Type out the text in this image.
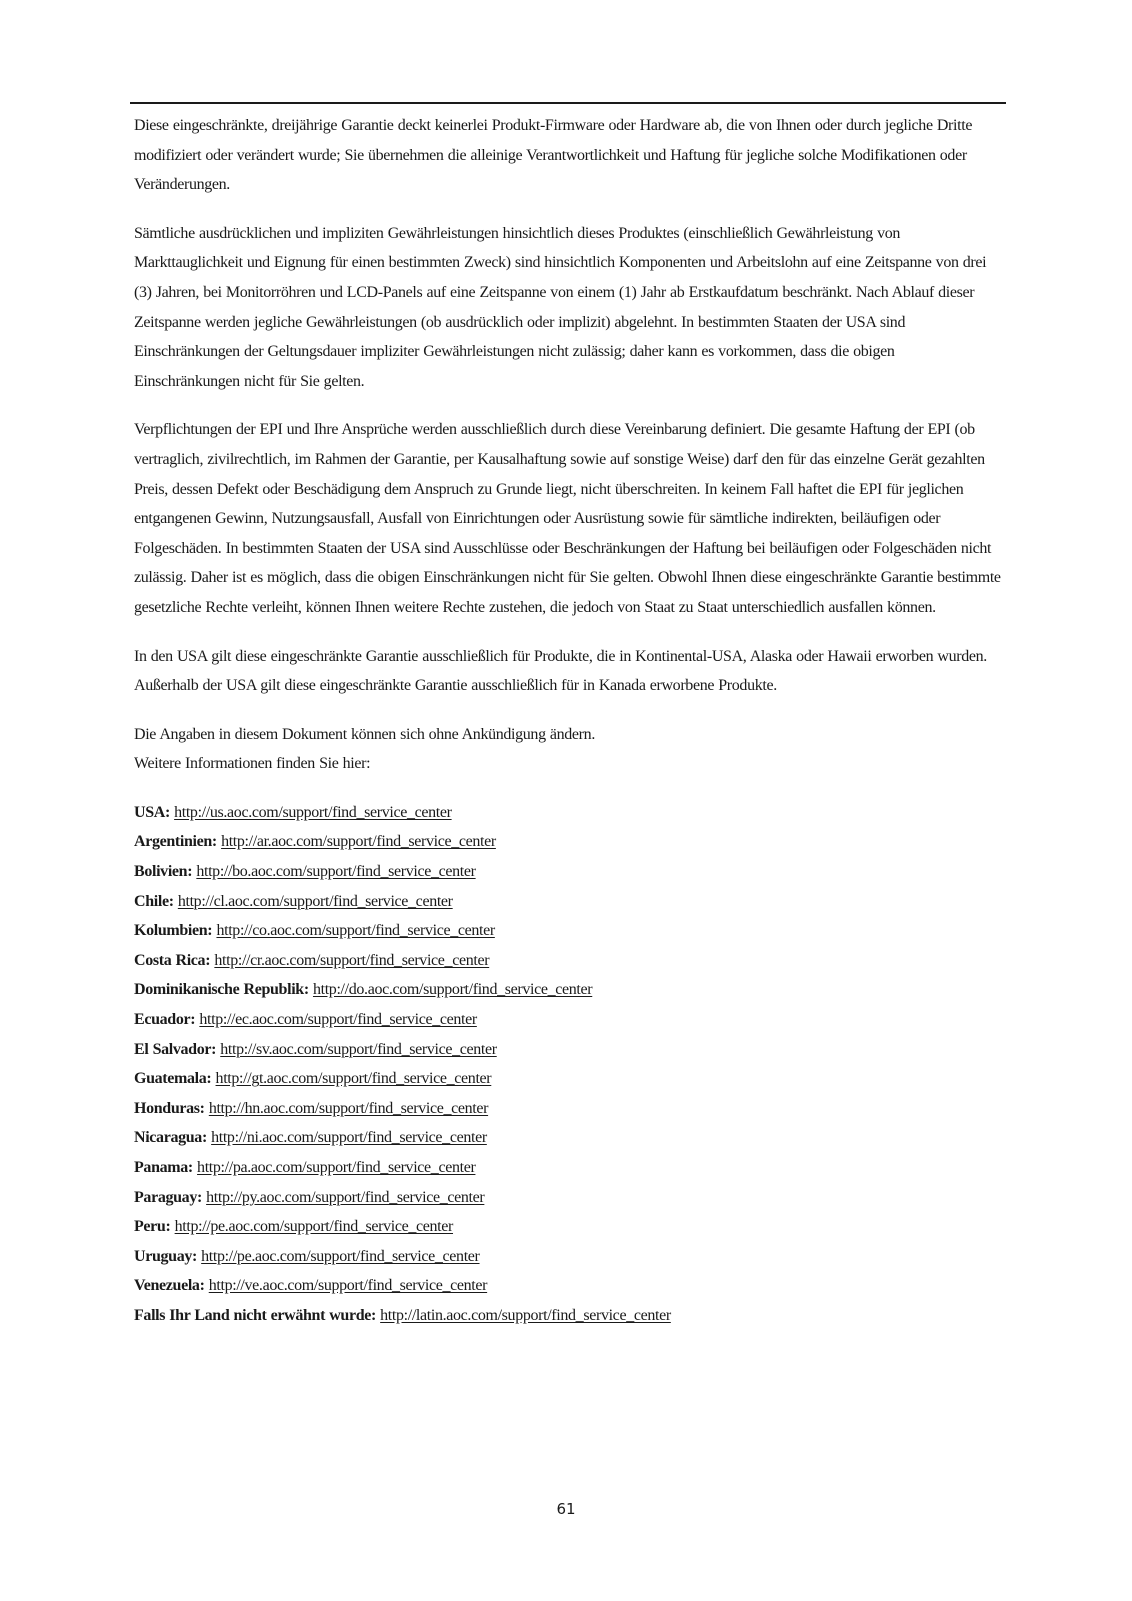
Diese eingeschränkte, dreijährige Garantie deckt keinerlei Produkt-Firmware oder Hardware ab, die von Ihnen oder durch jegliche Dritte modifiziert oder verändert wurde; Sie übernehmen die alleinige Verantwortlichkeit und Haftung für jegliche solche Modifikationen oder Veränderungen.

Sämtliche ausdrücklichen und impliziten Gewährleistungen hinsichtlich dieses Produktes (einschließlich Gewährleistung von Markttauglichkeit und Eignung für einen bestimmten Zweck) sind hinsichtlich Komponenten und Arbeitslohn auf eine Zeitspanne von drei (3) Jahren, bei Monitorröhren und LCD-Panels auf eine Zeitspanne von einem (1) Jahr ab Erstkaufdatum beschränkt. Nach Ablauf dieser Zeitspanne werden jegliche Gewährleistungen (ob ausdrücklich oder implizit) abgelehnt. In bestimmten Staaten der USA sind Einschränkungen der Geltungsdauer impliziter Gewährleistungen nicht zulässig; daher kann es vorkommen, dass die obigen Einschränkungen nicht für Sie gelten.

Verpflichtungen der EPI und Ihre Ansprüche werden ausschließlich durch diese Vereinbarung definiert. Die gesamte Haftung der EPI (ob vertraglich, zivilrechtlich, im Rahmen der Garantie, per Kausalhaftung sowie auf sonstige Weise) darf den für das einzelne Gerät gezahlten Preis, dessen Defekt oder Beschädigung dem Anspruch zu Grunde liegt, nicht überschreiten. In keinem Fall haftet die EPI für jeglichen entgangenen Gewinn, Nutzungsausfall, Ausfall von Einrichtungen oder Ausrüstung sowie für sämtliche indirekten, beiläufigen oder Folgeschäden. In bestimmten Staaten der USA sind Ausschlüsse oder Beschränkungen der Haftung bei beiläufigen oder Folgeschäden nicht zulässig. Daher ist es möglich, dass die obigen Einschränkungen nicht für Sie gelten. Obwohl Ihnen diese eingeschränkte Garantie bestimmte gesetzliche Rechte verleiht, können Ihnen weitere Rechte zustehen, die jedoch von Staat zu Staat unterschiedlich ausfallen können.

In den USA gilt diese eingeschränkte Garantie ausschließlich für Produkte, die in Kontinental-USA, Alaska oder Hawaii erworben wurden.
Außerhalb der USA gilt diese eingeschränkte Garantie ausschließlich für in Kanada erworbene Produkte.

Die Angaben in diesem Dokument können sich ohne Ankündigung ändern.
Weitere Informationen finden Sie hier:

USA: http://us.aoc.com/support/find_service_center
Argentinien: http://ar.aoc.com/support/find_service_center
Bolivien: http://bo.aoc.com/support/find_service_center
Chile: http://cl.aoc.com/support/find_service_center
Kolumbien: http://co.aoc.com/support/find_service_center
Costa Rica: http://cr.aoc.com/support/find_service_center
Dominikanische Republik: http://do.aoc.com/support/find_service_center
Ecuador: http://ec.aoc.com/support/find_service_center
El Salvador: http://sv.aoc.com/support/find_service_center
Guatemala: http://gt.aoc.com/support/find_service_center
Honduras: http://hn.aoc.com/support/find_service_center
Nicaragua: http://ni.aoc.com/support/find_service_center
Panama: http://pa.aoc.com/support/find_service_center
Paraguay: http://py.aoc.com/support/find_service_center
Peru: http://pe.aoc.com/support/find_service_center
Uruguay: http://pe.aoc.com/support/find_service_center
Venezuela: http://ve.aoc.com/support/find_service_center
Falls Ihr Land nicht erwähnt wurde: http://latin.aoc.com/support/find_service_center
61
